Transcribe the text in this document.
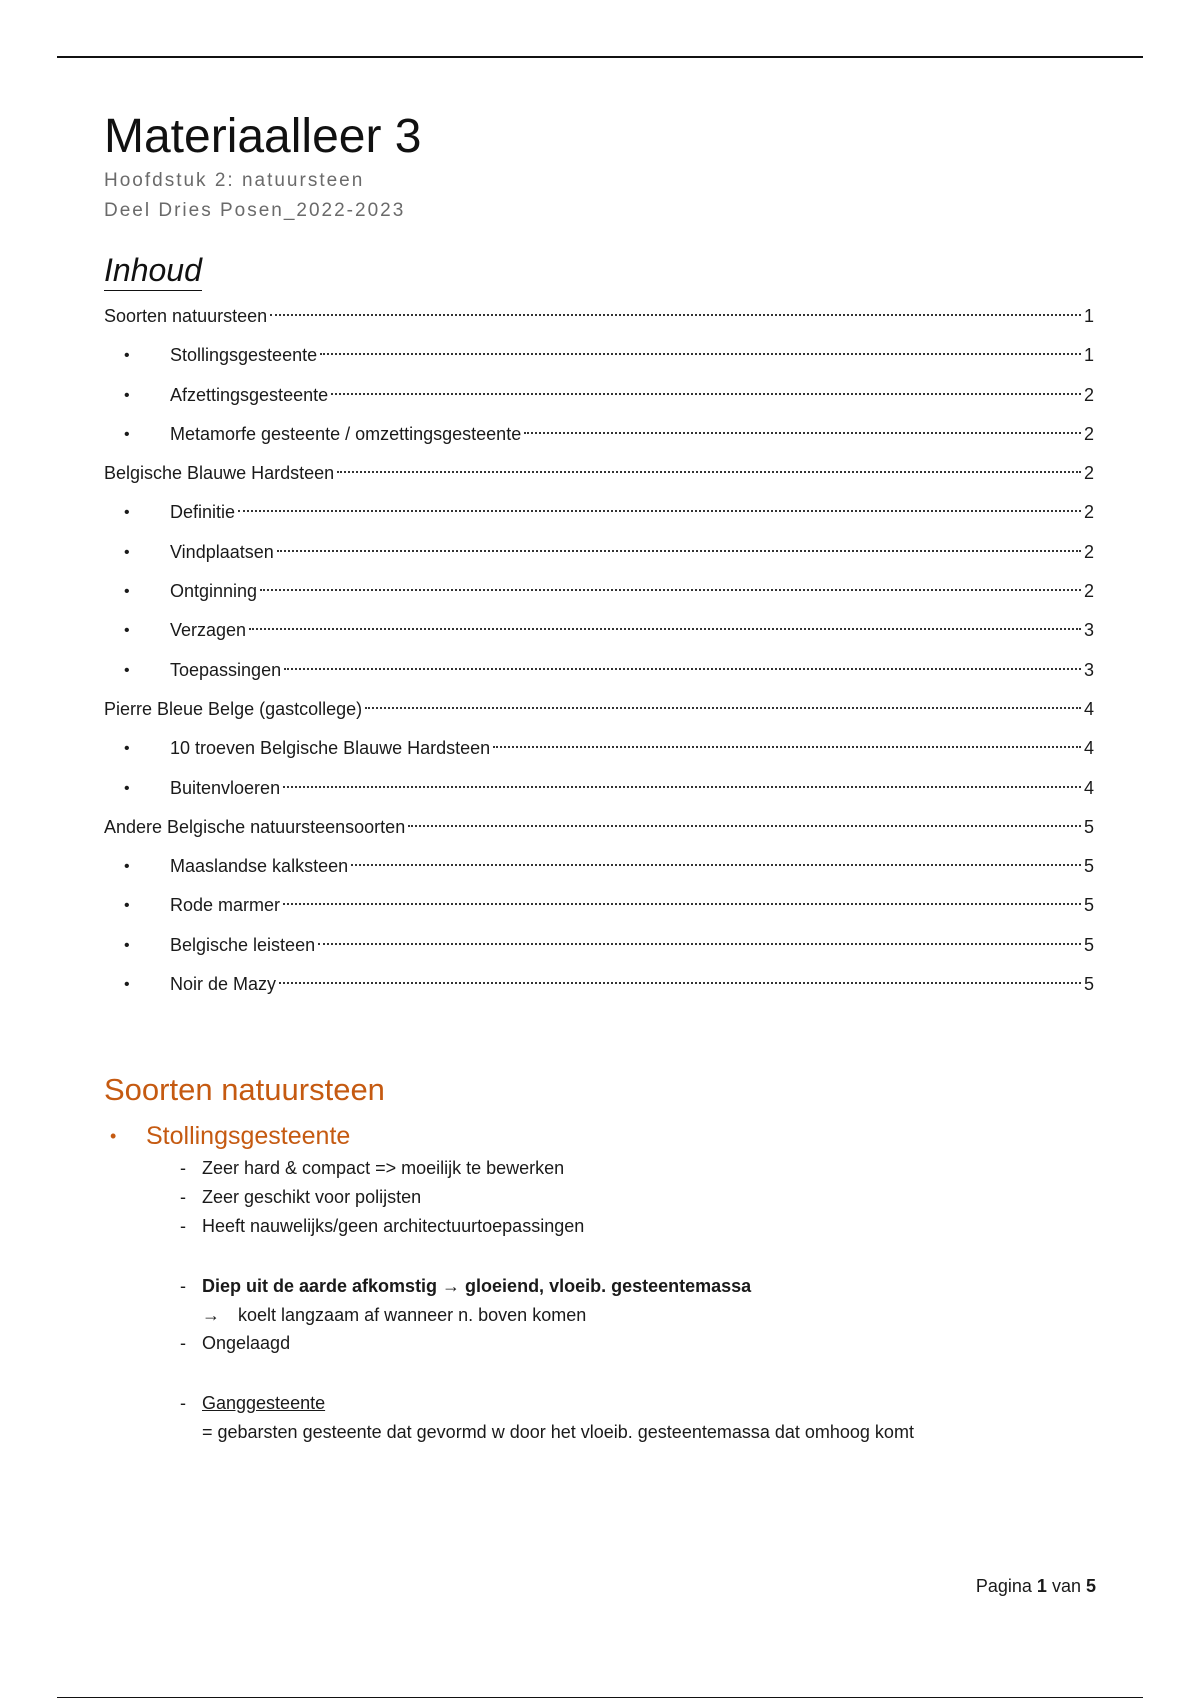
Materiaalleer 3
Hoofdstuk 2: natuursteen
Deel Dries Posen_2022-2023
Inhoud
Soorten natuursteen	1
• Stollingsgesteente	1
• Afzettingsgesteente	2
• Metamorfe gesteente / omzettingsgesteente	2
Belgische Blauwe Hardsteen	2
• Definitie	2
• Vindplaatsen	2
• Ontginning	2
• Verzagen	3
• Toepassingen	3
Pierre Bleue Belge (gastcollege)	4
• 10 troeven Belgische Blauwe Hardsteen	4
• Buitenvloeren	4
Andere Belgische natuursteensoorten	5
• Maaslandse kalksteen	5
• Rode marmer	5
• Belgische leisteen	5
• Noir de Mazy	5
Soorten natuursteen
• Stollingsgesteente
- Zeer hard & compact => moeilijk te bewerken
- Zeer geschikt voor polijsten
- Heeft nauwelijks/geen architectuurtoepassingen
- Diep uit de aarde afkomstig → gloeiend, vloeib. gesteentemassa
→ koelt langzaam af wanneer n. boven komen
- Ongelaagd
- Ganggesteente
= gebarsten gesteente dat gevormd w door het vloeib. gesteentemassa dat omhoog komt
Pagina 1 van 5
